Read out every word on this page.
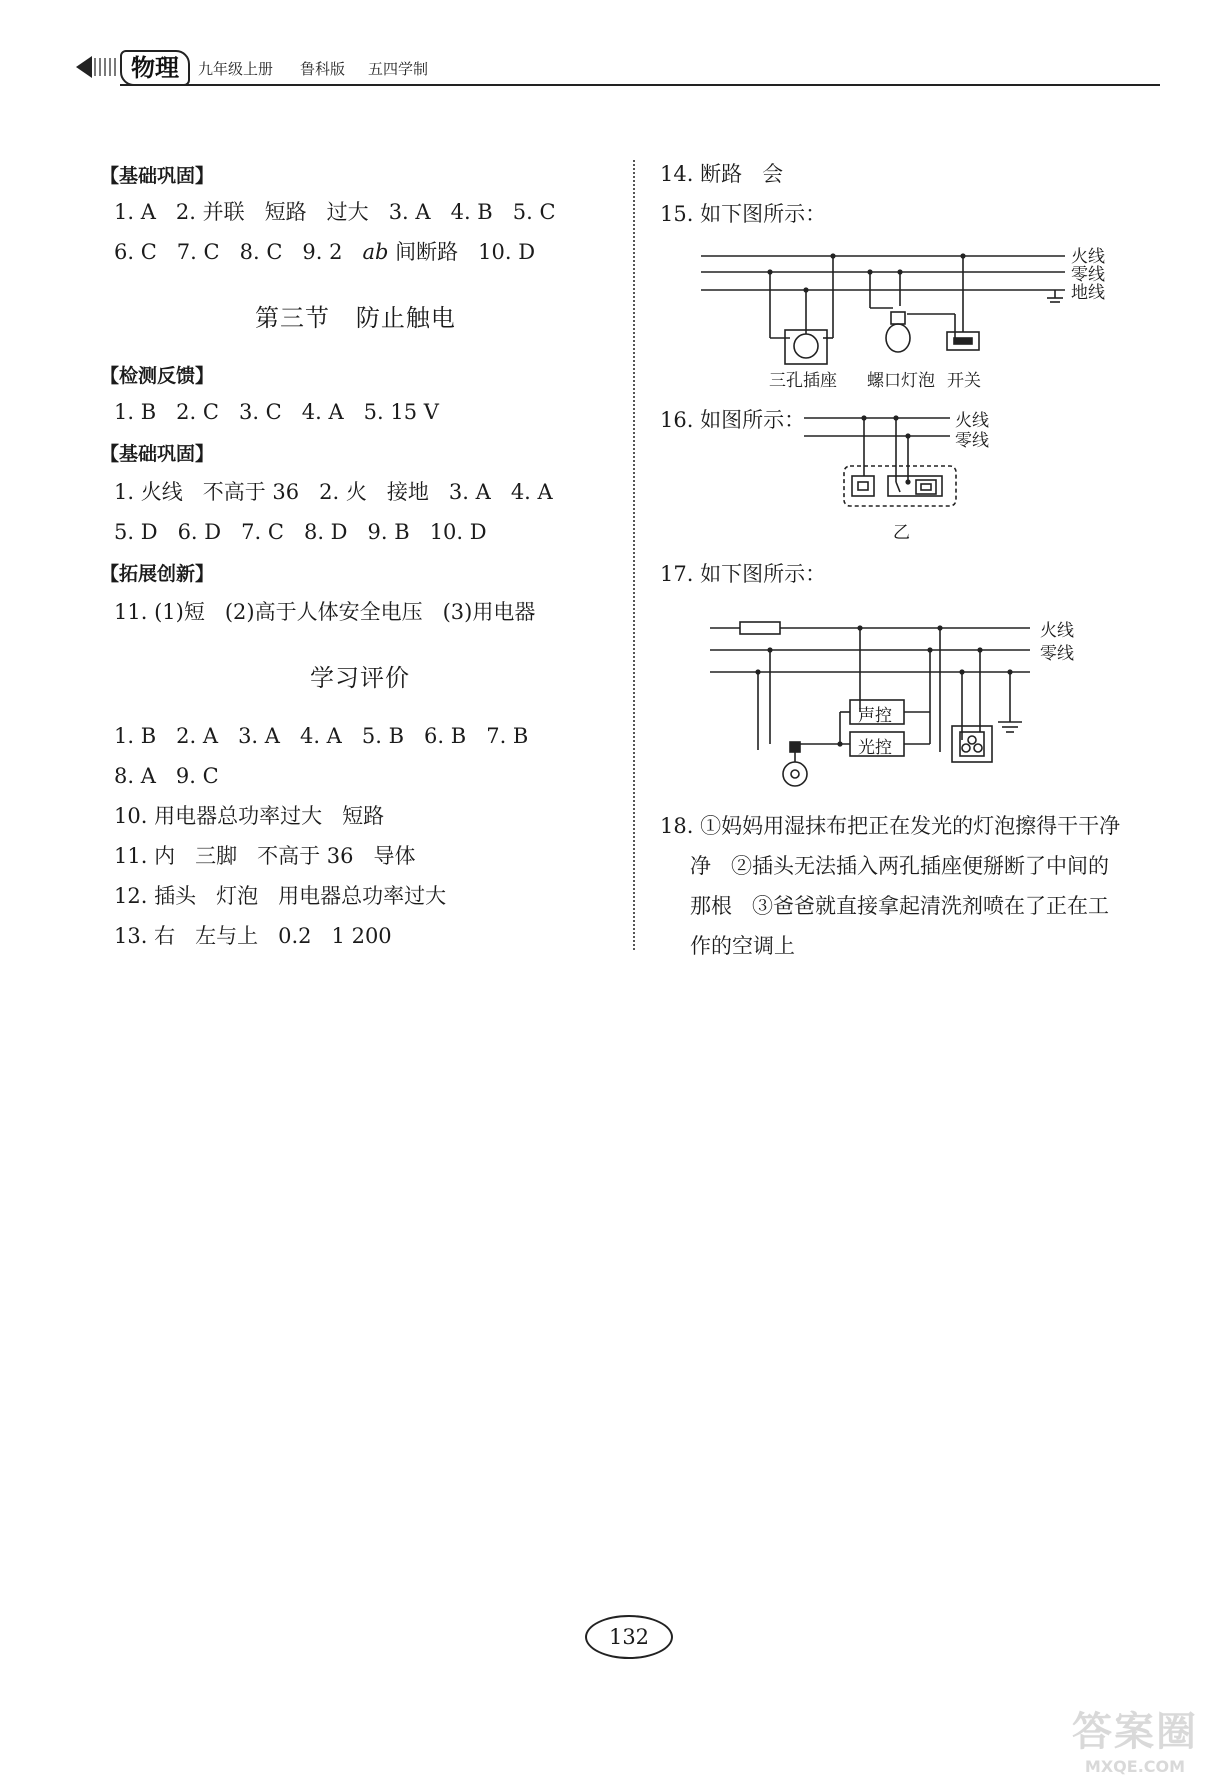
物理	九年级上册 鲁科版 五四学制
【基础巩固】
1. A   2. 并联   短路   过大   3. A   4. B   5. C
6. C   7. C   8. C   9. 2   ab 间断路   10. D
第三节   防止触电
【检测反馈】
1. B   2. C   3. C   4. A   5. 15 V
【基础巩固】
1. 火线   不高于 36   2. 火   接地   3. A   4. A
5. D   6. D   7. C   8. D   9. B   10. D
【拓展创新】
11. (1)短   (2)高于人体安全电压   (3)用电器
学习评价
1. B   2. A   3. A   4. A   5. B   6. B   7. B
8. A   9. C
10. 用电器总功率过大   短路
11. 内   三脚   不高于 36   导体
12. 插头   灯泡   用电器总功率过大
13. 右   左与上   0.2   1 200
14. 断路   会
15. 如下图所示：
火线
零线
地线
三孔插座 螺口灯泡 开关
16. 如图所示：	火线
零线
乙
17. 如下图所示：
火线
零线
声控
光控
18. ①妈妈用湿抹布把正在发光的灯泡擦得干干净
净   ②插头无法插入两孔插座便掰断了中间的
那根   ③爸爸就直接拿起清洗剂喷在了正在工
作的空调上
132
答案圈
MXQE.COM
